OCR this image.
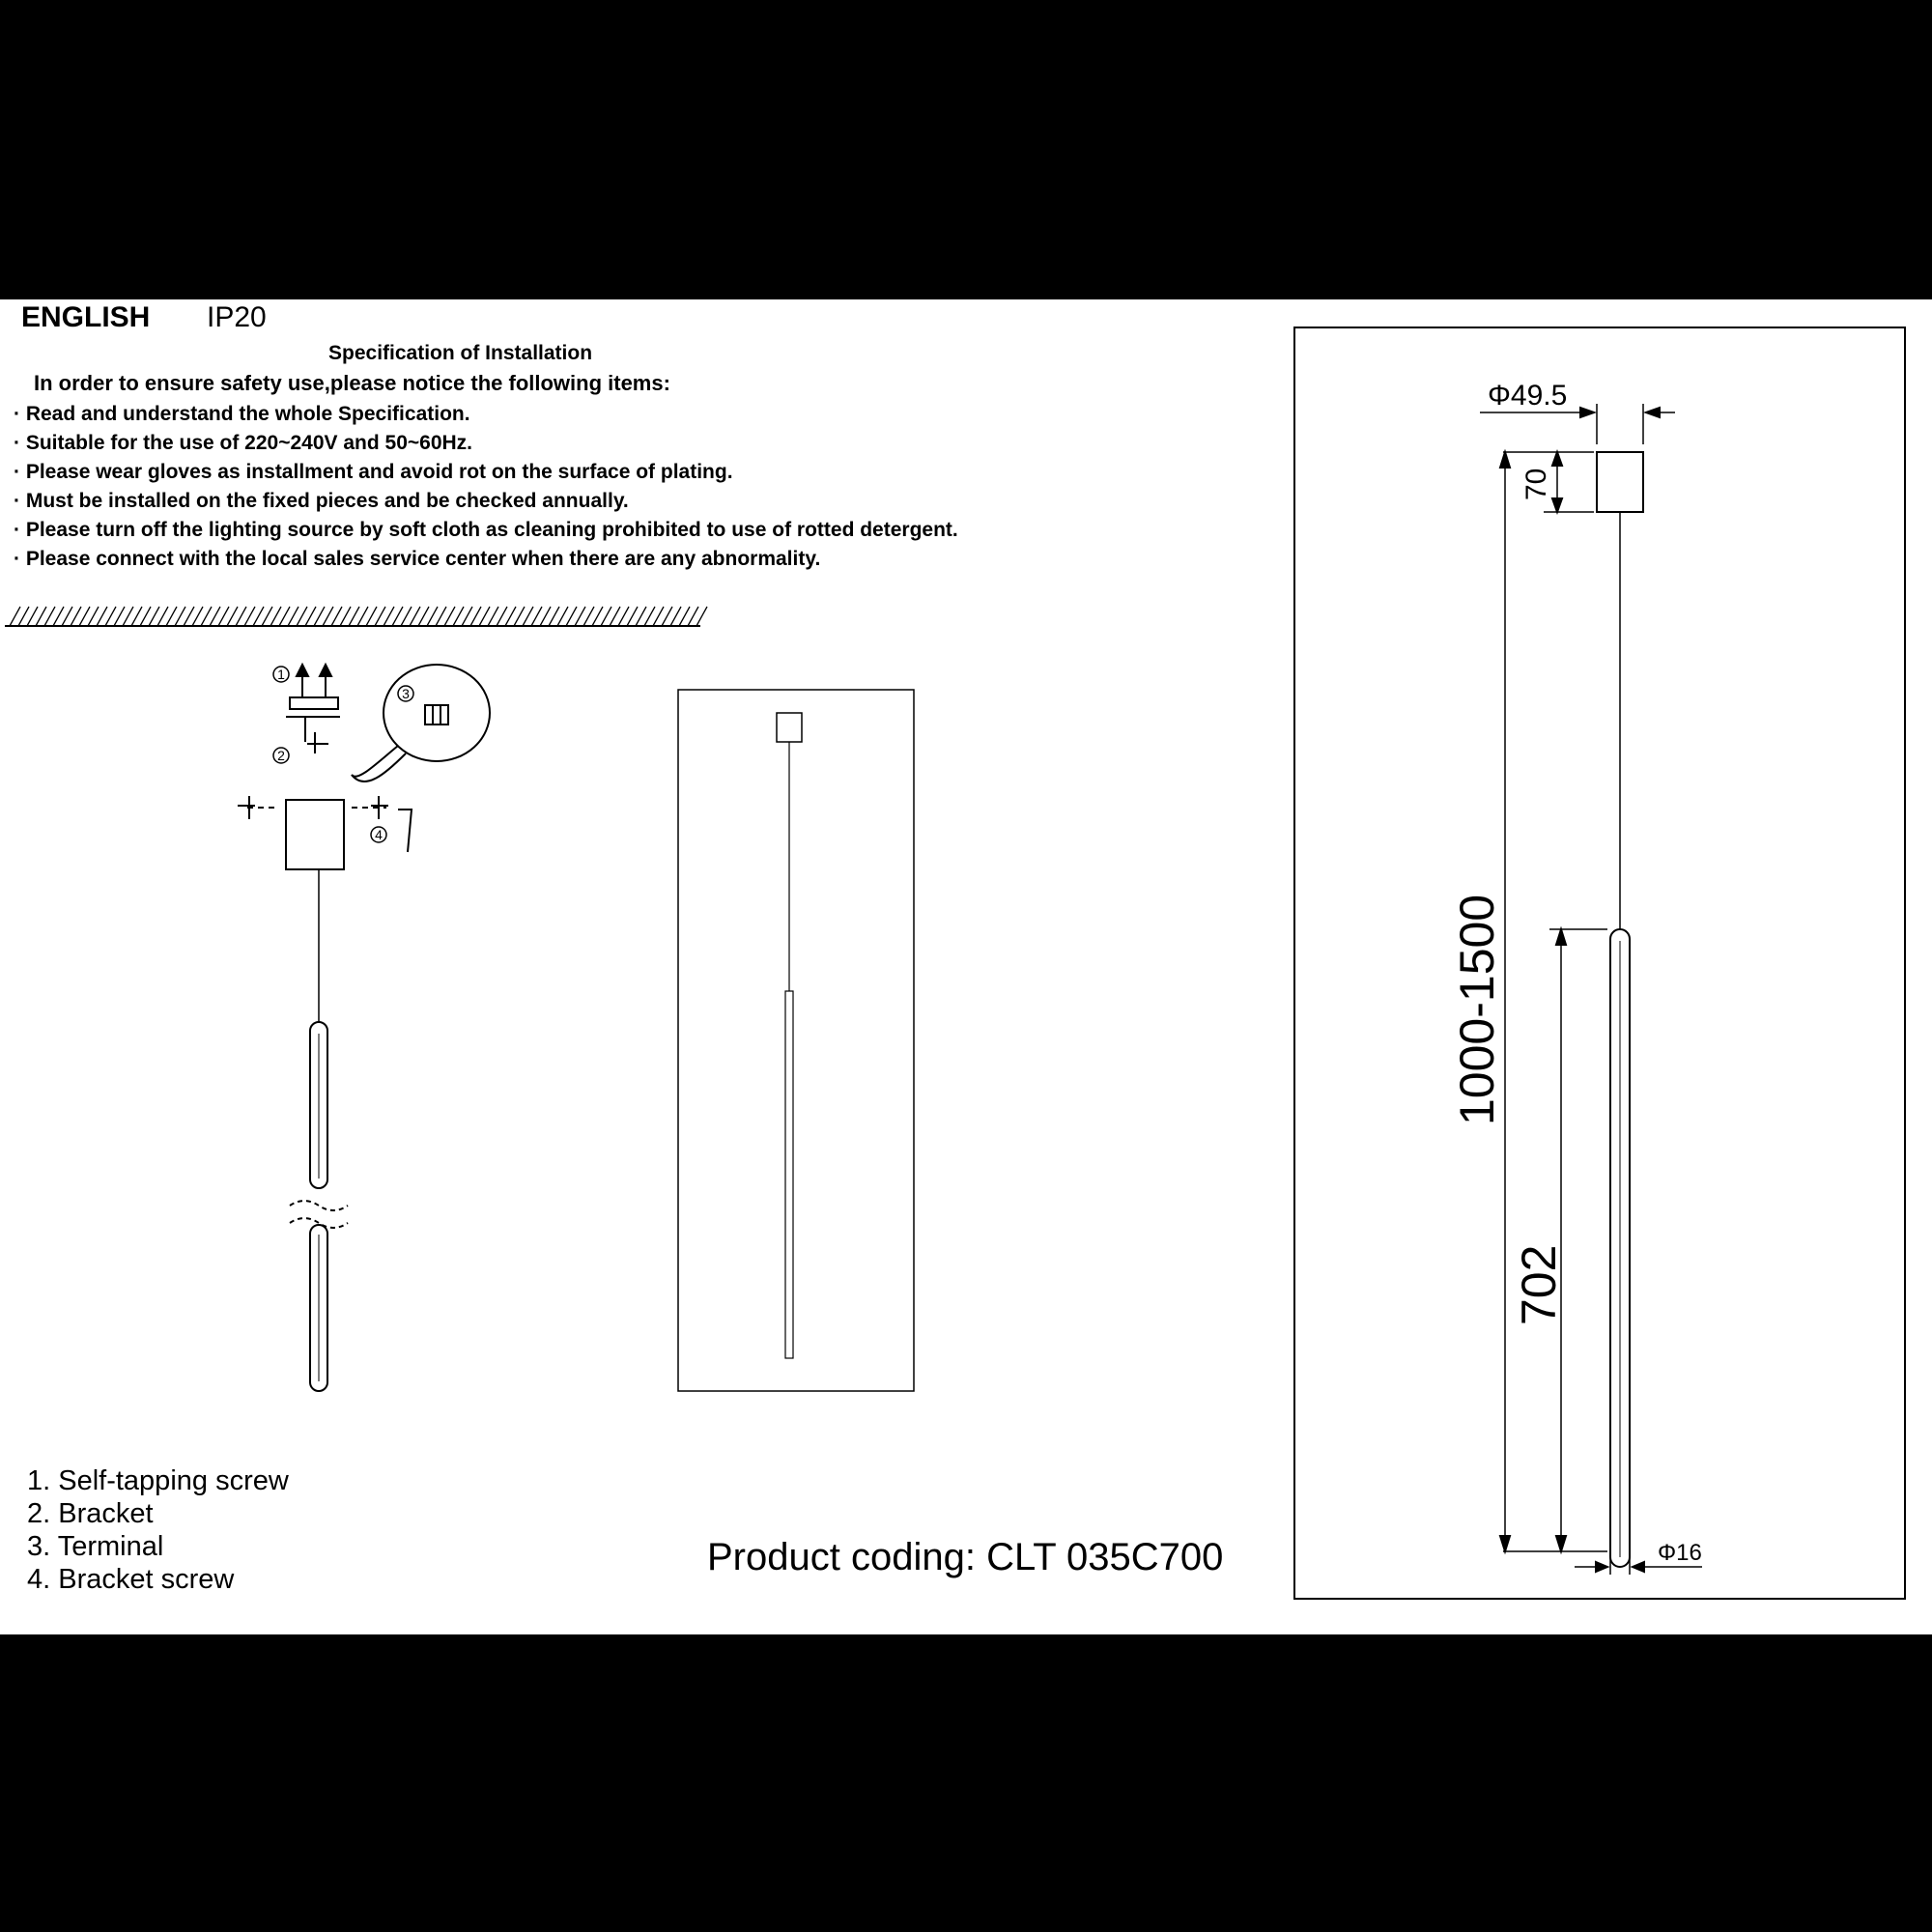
ENGLISH IP20
Specification of Installation
In order to ensure safety use,please notice the following items:
· Read and understand the whole Specification.
· Suitable for the use of 220~240V and 50~60Hz.
· Please wear gloves as installment and avoid rot on the surface of plating.
· Must be installed on the fixed pieces and be checked annually.
· Please turn off the lighting source by soft cloth as cleaning prohibited to use of rotted detergent.
· Please connect with the local sales service center when there are any abnormality.
1
2
3
4
Φ49.5
70
1000-1500
702
Φ16
1. Self-tapping screw
2. Bracket
3. Terminal
4. Bracket screw
Product coding: CLT 035C700
